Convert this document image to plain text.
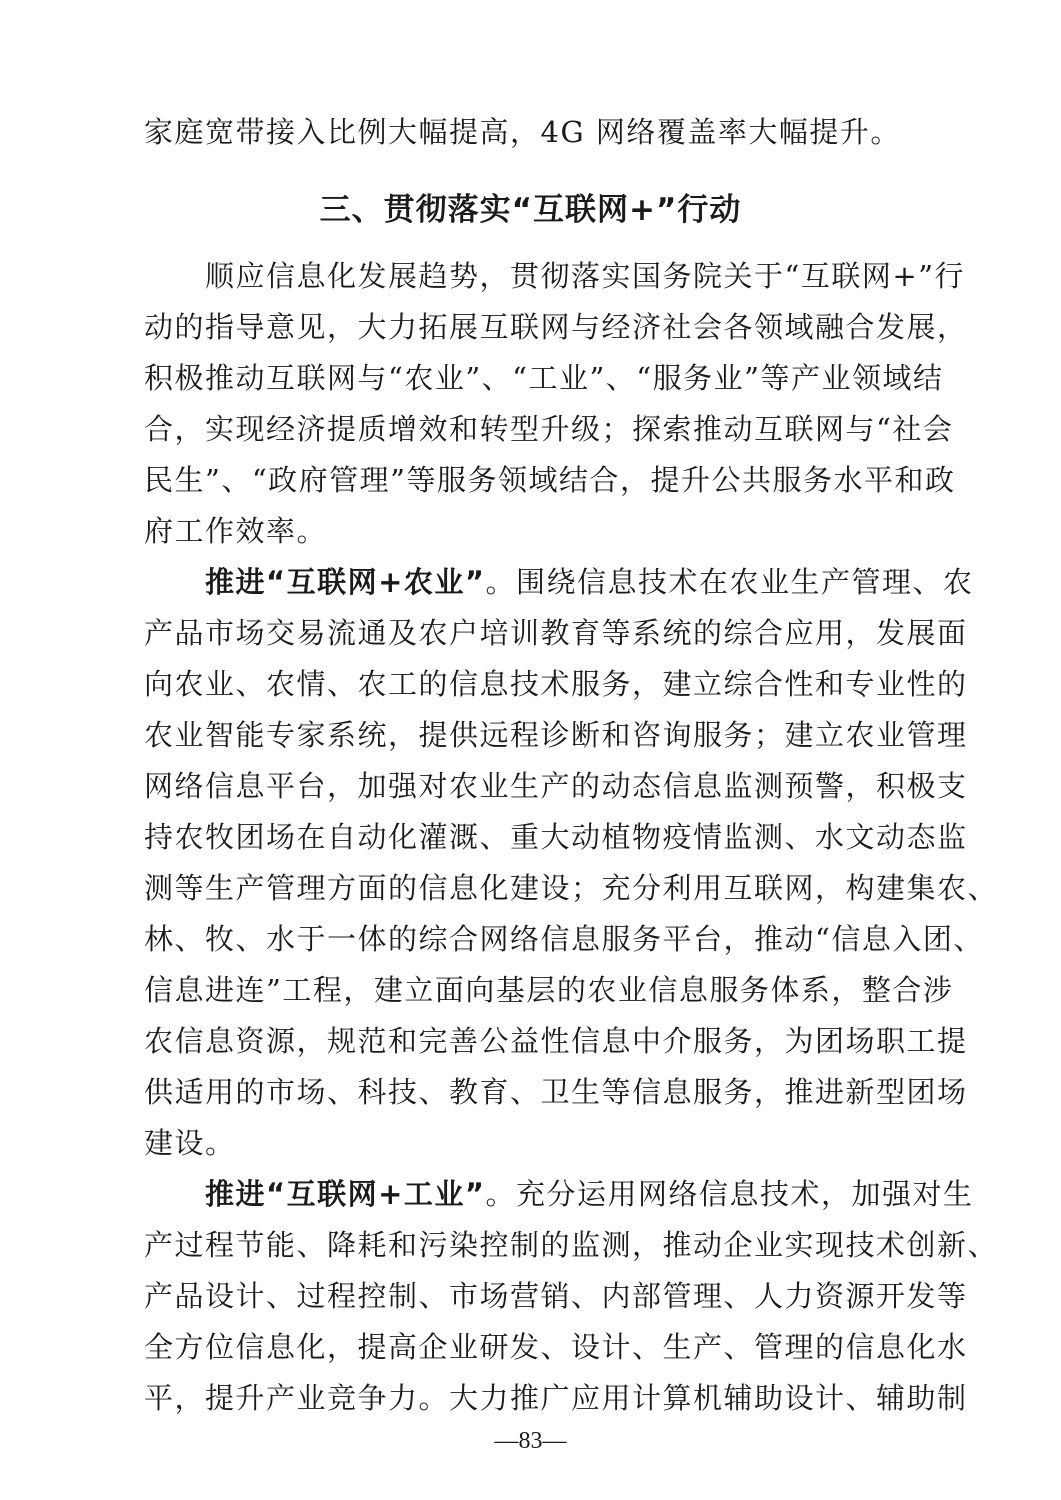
家庭宽带接入比例大幅提高，4G 网络覆盖率大幅提升。
三、贯彻落实“互联网+”行动
　　顺应信息化发展趋势，贯彻落实国务院关于“互联网+”行
动的指导意见，大力拓展互联网与经济社会各领域融合发展，
积极推动互联网与“农业”、“工业”、“服务业”等产业领域结
合，实现经济提质增效和转型升级；探索推动互联网与“社会
民生”、“政府管理”等服务领域结合，提升公共服务水平和政
府工作效率。
　　推进“互联网+农业”。围绕信息技术在农业生产管理、农
产品市场交易流通及农户培训教育等系统的综合应用，发展面
向农业、农情、农工的信息技术服务，建立综合性和专业性的
农业智能专家系统，提供远程诊断和咨询服务；建立农业管理
网络信息平台，加强对农业生产的动态信息监测预警，积极支
持农牧团场在自动化灌溉、重大动植物疫情监测、水文动态监
测等生产管理方面的信息化建设；充分利用互联网，构建集农、
林、牧、水于一体的综合网络信息服务平台，推动“信息入团、
信息进连”工程，建立面向基层的农业信息服务体系，整合涉
农信息资源，规范和完善公益性信息中介服务，为团场职工提
供适用的市场、科技、教育、卫生等信息服务，推进新型团场
建设。
　　推进“互联网+工业”。充分运用网络信息技术，加强对生
产过程节能、降耗和污染控制的监测，推动企业实现技术创新、
产品设计、过程控制、市场营销、内部管理、人力资源开发等
全方位信息化，提高企业研发、设计、生产、管理的信息化水
平，提升产业竞争力。大力推广应用计算机辅助设计、辅助制
—83—
